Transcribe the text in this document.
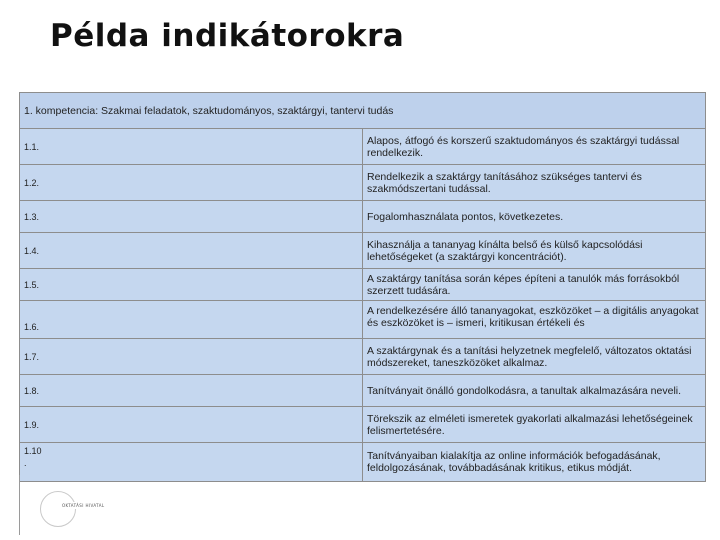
Példa indikátorokra
1. kompetencia: Szakmai feladatok, szaktudományos, szaktárgyi, tantervi tudás	
1.1.	Alapos, átfogó és korszerű szaktudományos és szaktárgyi tudással rendelkezik.
1.2.	Rendelkezik a szaktárgy tanításához szükséges tantervi és szakmódszertani tudással.
1.3.	Fogalomhasználata pontos, következetes.
1.4.	Kihasználja a tananyag kínálta belső és külső kapcsolódási lehetőségeket (a szaktárgyi koncentrációt).
1.5.	A szaktárgy tanítása során képes építeni a tanulók más forrásokból szerzett tudására.
1.6.	A rendelkezésére álló tananyagokat, eszközöket – a digitális anyagokat és eszközöket is – ismeri, kritikusan értékeli és
1.7.	A szaktárgynak és a tanítási helyzetnek megfelelő, változatos oktatási módszereket, taneszközöket alkalmaz.
1.8.	Tanítványait önálló gondolkodásra, a tanultak alkalmazására neveli.
1.9.	Törekszik az elméleti ismeretek gyakorlati alkalmazási lehetőségeinek felismertetésére.
1.10
.	Tanítványaiban kialakítja az online információk befogadásának, feldolgozásának, továbbadásának kritikus, etikus módját.
OKTATÁSI HIVATAL
